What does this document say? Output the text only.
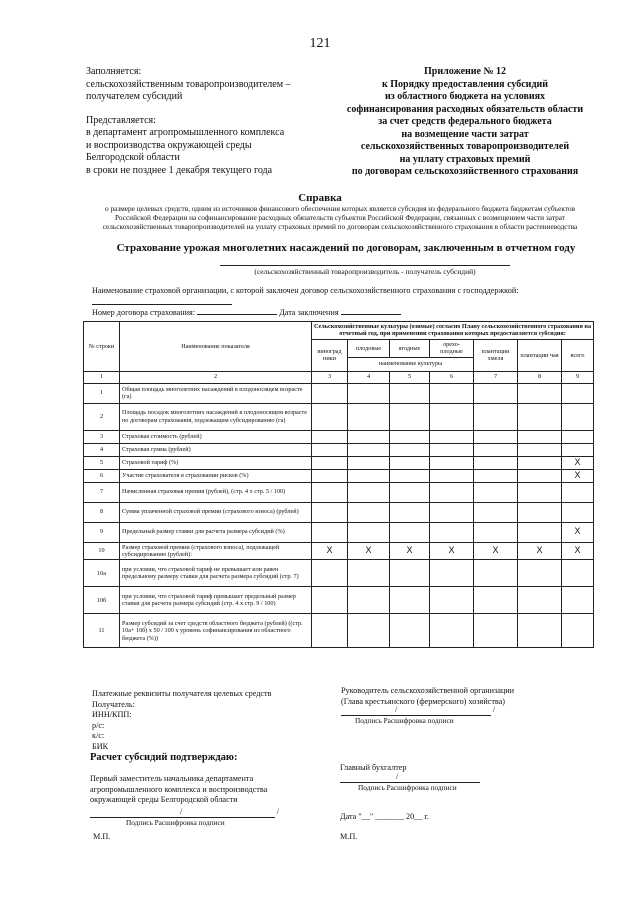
121
Заполняется:
сельскохозяйственным товаропроизводителем –
получателем субсидий
Представляется:
в департамент агропромышленного комплекса
и воспроизводства окружающей среды
Белгородской области
в сроки не позднее 1 декабря текущего года
Приложение № 12
к Порядку предоставления субсидий
из областного бюджета на условиях
софинансирования расходных обязательств области
за счет средств федерального бюджета
на возмещение части затрат
сельскохозяйственных товаропроизводителей
на уплату страховых премий
по договорам сельскохозяйственного страхования
Справка
о размере целевых средств, одним из источников финансового обеспечения которых является субсидия из федерального бюджета бюджетам субъектов Российской Федерации на софинансирование расходных обязательств субъектов Российской Федерации, связанных с возмещением части затрат сельскохозяйственных товаропроизводителей на уплату страховых премий по договорам сельскохозяйственного страхования в области растениеводства
Страхование урожая многолетних насаждений по договорам, заключенным в отчетном году
(сельскохозяйственный товаропроизводитель - получатель субсидий)
Наименование страховой организации, с которой заключен договор сельскохозяйственного страхования с господдержкой:
Номер договора страхования:	Дата заключения
№ строки	Наименование показателя	Сельскохозяйственные культуры (озимые) согласно Плану сельскохозяйственного страхования на отчетный год, при применении страхования которых предоставляется субсидия:						
		виноград ники	плодовые	ягодные	орехо-плодные	плантации хмеля	плантации чая	всего
			наименование культуры					
1	2	3	4	5	6	7	8	9
1	Общая площадь многолетних насаждений в плодоносящем возрасте (га)							
2	Площадь посадок многолетних насаждений в плодоносящем возрасте по договорам страхования, подлежащим субсидированию (га)							
3	Страховая стоимость (рублей)							
4	Страховая сумма (рублей)							
5	Страховой тариф (%)							X
6	Участие страхователя в страховании рисков (%)							X
7	Начисленная страховая премия (рублей), (стр. 4 х стр. 5 / 100)							
8	Сумма уплаченной страховой премии (страхового взноса) (рублей)							
9	Предельный размер ставки для расчета размера субсидий (%)							X
10	Размер страховой премии (страхового взноса), подлежащей субсидированию (рублей):	X	X	X	X	X	X	X
10а	при условии, что страховой тариф не превышает или равен предельному размеру ставки для расчета размера субсидий (стр. 7)							
10б	при условии, что страховой тариф превышает предельный размер ставки для расчета размера субсидий (стр. 4 х стр. 9 / 100)							
11	Размер субсидий за счет средств областного бюджета (рублей) ((стр. 10а+ 10б) х 50 / 100 х уровень софинансирования из областного бюджета (%))							
Платежные реквизиты получателя целевых средств
Получатель:
ИНН/КПП:
р/с:
к/с:
БИК
Руководитель сельскохозяйственной организации
(Глава крестьянского (фермерского) хозяйства)
/	/
Подпись Расшифровка подписи
Расчет субсидий подтверждаю:
Первый заместитель начальника департамента
агропромышленного комплекса и воспроизводства
окружающей среды Белгородской области
/	/
Подпись Расшифровка подписи
Главный бухгалтер
/
Подпись Расшифровка подписи
Дата "__" _______ 20__ г.
М.П.	М.П.
